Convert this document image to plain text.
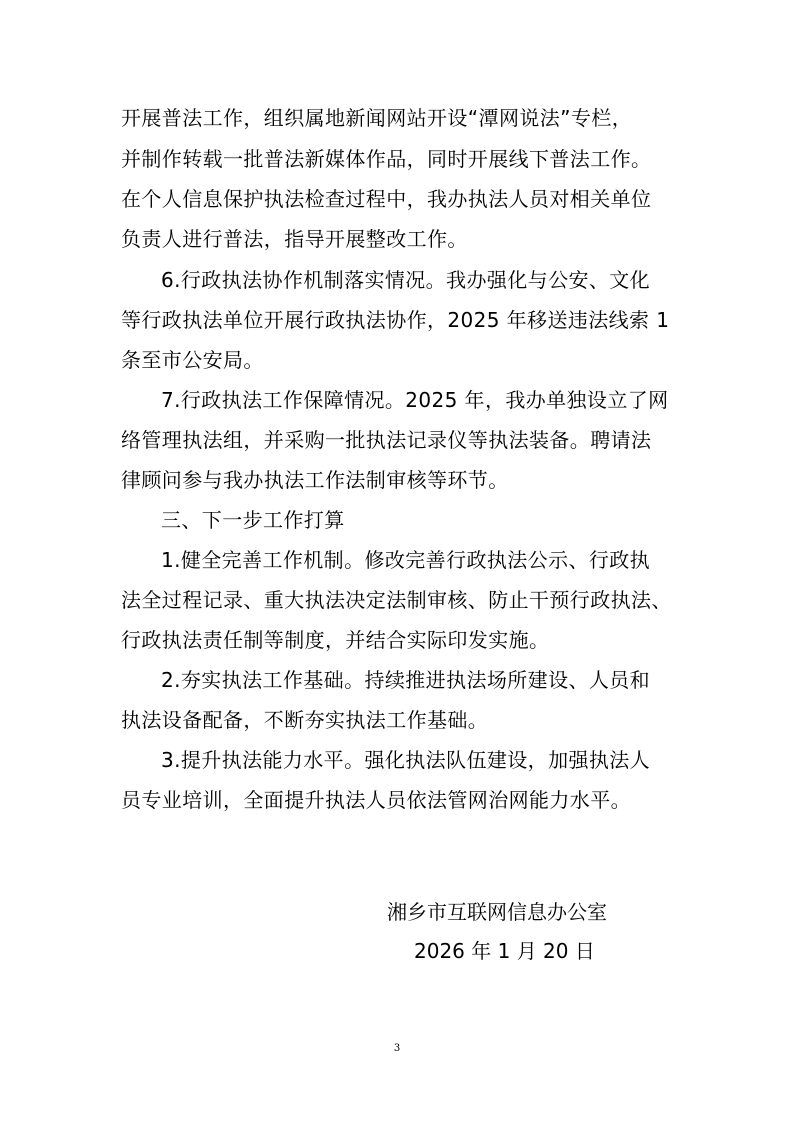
开展普法工作，组织属地新闻网站开设“潭网说法”专栏，
并制作转载一批普法新媒体作品，同时开展线下普法工作。
在个人信息保护执法检查过程中，我办执法人员对相关单位
负责人进行普法，指导开展整改工作。
6.行政执法协作机制落实情况。我办强化与公安、文化
等行政执法单位开展行政执法协作，2025 年移送违法线索 1
条至市公安局。
7.行政执法工作保障情况。2025 年，我办单独设立了网
络管理执法组，并采购一批执法记录仪等执法装备。聘请法
律顾问参与我办执法工作法制审核等环节。
三、下一步工作打算
1.健全完善工作机制。修改完善行政执法公示、行政执
法全过程记录、重大执法决定法制审核、防止干预行政执法、
行政执法责任制等制度，并结合实际印发实施。
2.夯实执法工作基础。持续推进执法场所建设、人员和
执法设备配备，不断夯实执法工作基础。
3.提升执法能力水平。强化执法队伍建设，加强执法人
员专业培训，全面提升执法人员依法管网治网能力水平。
湘乡市互联网信息办公室
2026 年 1 月 20 日
3
